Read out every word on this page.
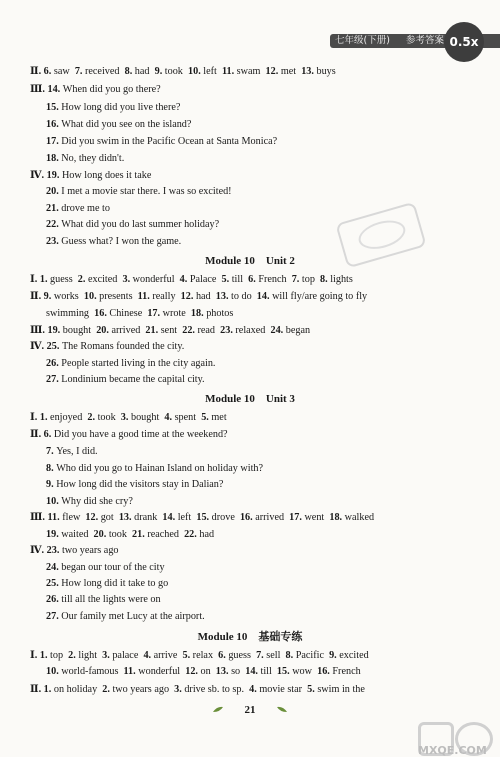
七年级(下册) 参考答案 0.5x
Ⅱ. 6. saw  7. received  8. had  9. took  10. left  11. swam  12. met  13. buys
Ⅲ. 14. When did you go there?
15. How long did you live there?
16. What did you see on the island?
17. Did you swim in the Pacific Ocean at Santa Monica?
18. No, they didn't.
Ⅳ. 19. How long does it take
20. I met a movie star there. I was so excited!
21. drove me to
22. What did you do last summer holiday?
23. Guess what? I won the game.
Ⅰ. 1. guess  2. excited  3. wonderful  4. Palace  5. till  6. French  7. top  8. lights
Ⅱ. 9. works  10. presents  11. really  12. had  13. to do  14. will fly/are going to fly
swimming  16. Chinese  17. wrote  18. photos
Ⅲ. 19. bought  20. arrived  21. sent  22. read  23. relaxed  24. began
Ⅳ. 25. The Romans founded the city.
26. People started living in the city again.
27. Londinium became the capital city.
Ⅰ. 1. enjoyed  2. took  3. bought  4. spent  5. met
Ⅱ. 6. Did you have a good time at the weekend?
7. Yes, I did.
8. Who did you go to Hainan Island on holiday with?
9. How long did the visitors stay in Dalian?
10. Why did she cry?
Ⅲ. 11. flew  12. got  13. drank  14. left  15. drove  16. arrived  17. went  18. walked
19. waited  20. took  21. reached  22. had
Ⅳ. 23. two years ago
24. began our tour of the city
25. How long did it take to go
26. till all the lights were on
27. Our family met Lucy at the airport.
Ⅰ. 1. top  2. light  3. palace  4. arrive  5. relax  6. guess  7. sell  8. Pacific  9. excited
10. world-famous  11. wonderful  12. on  13. so  14. till  15. wow  16. French
Ⅱ. 1. on holiday  2. two years ago  3. drive sb. to sp.  4. movie star  5. swim in the
Module 10    Unit 2
Module 10    Unit 3
Module 10    基础专练
21
MXQE.COM
